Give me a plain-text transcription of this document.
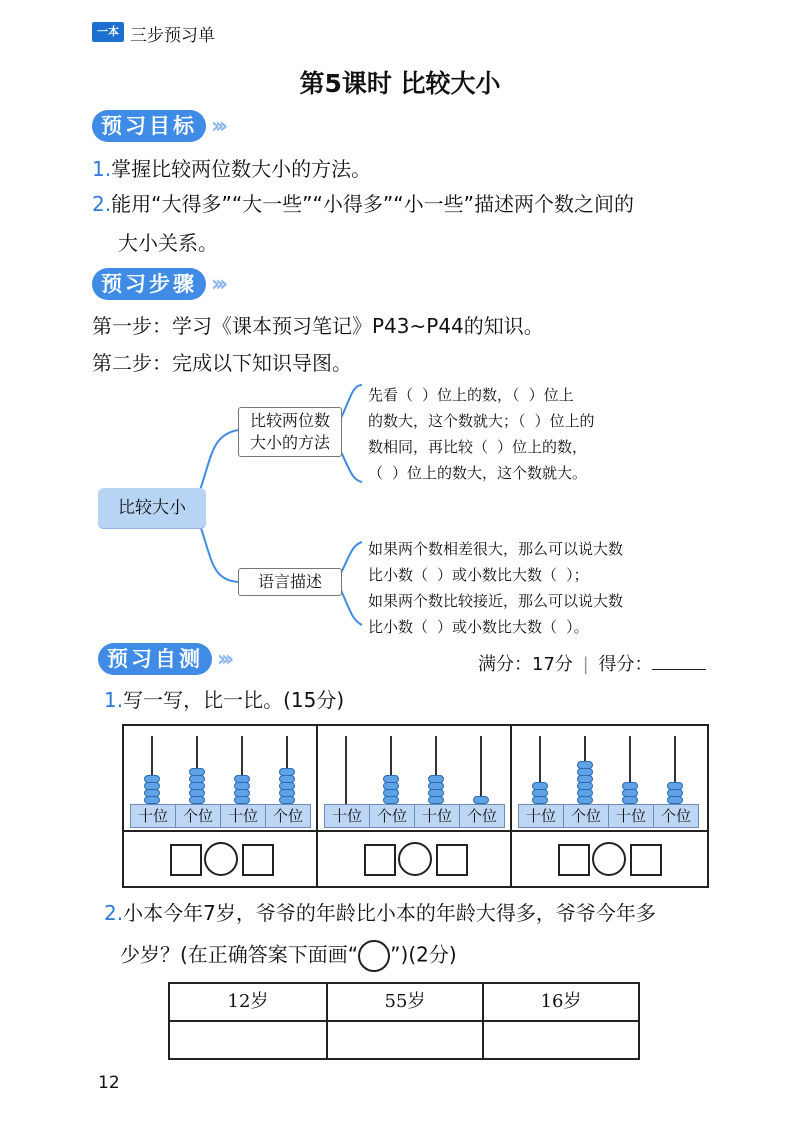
一本 三步预习单
第5课时 比较大小
预习目标 ›››
1.掌握比较两位数大小的方法。
2.能用“大得多”“大一些”“小得多”“小一些”描述两个数之间的
大小关系。
预习步骤 ›››
第一步：学习《课本预习笔记》P43~P44的知识。
第二步：完成以下知识导图。
比较大小
比较两位数
大小的方法
语言描述
先看（ ）位上的数，（ ）位上
的数大，这个数就大；（ ）位上的
数相同，再比较（ ）位上的数，
（ ）位上的数大，这个数就大。
如果两个数相差很大，那么可以说大数
比小数（ ）或小数比大数（ ）；
如果两个数比较接近，那么可以说大数
比小数（ ）或小数比大数（ ）。
预习自测 ›››	满分：17分 | 得分：
1.写一写，比一比。(15分)
十位 个位 十位 个位	十位 个位 十位 个位	十位 个位 十位 个位
2.小本今年7岁，爷爷的年龄比小本的年龄大得多，爷爷今年多
少岁？(在正确答案下面画“ ”)(2分)
12岁	55岁	16岁
12
